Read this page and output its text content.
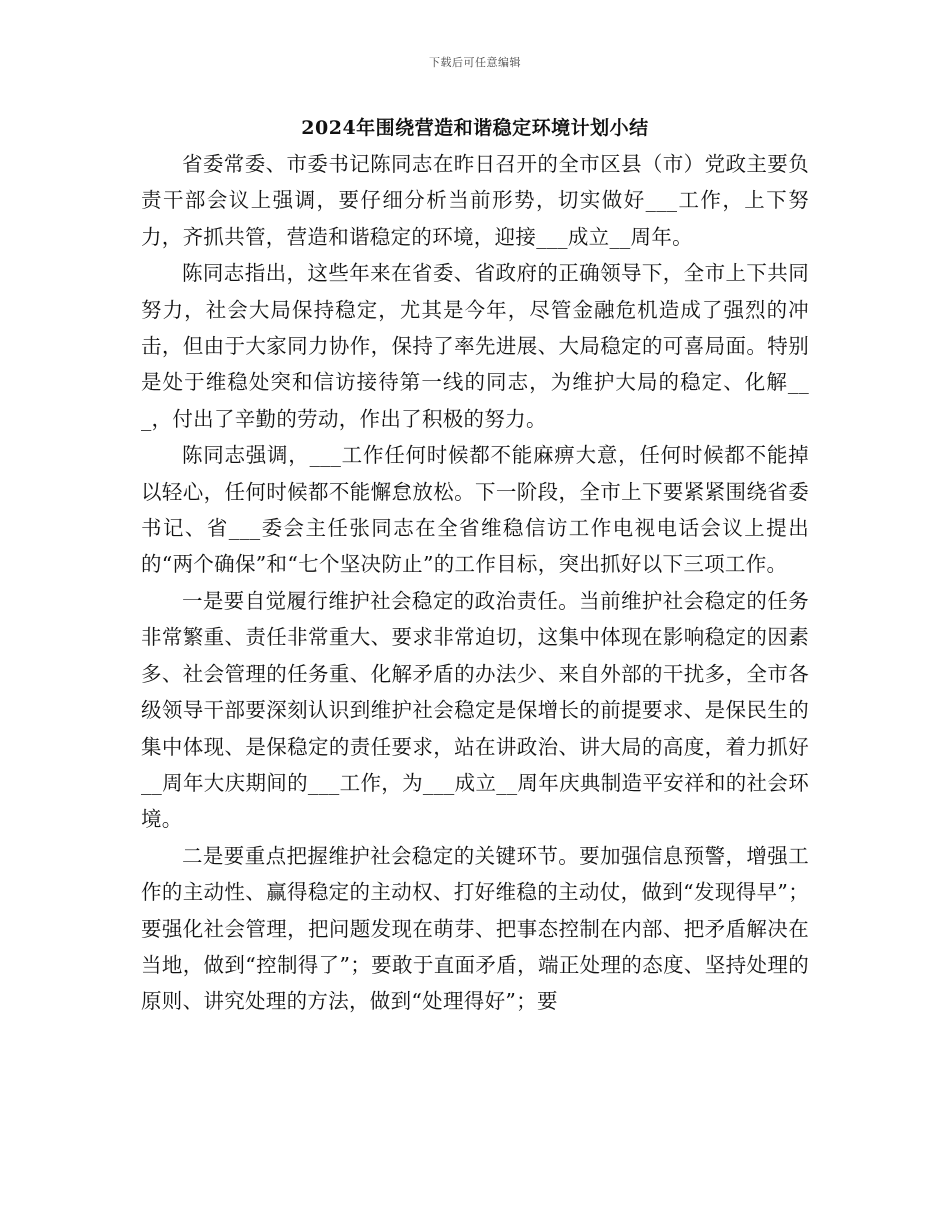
下载后可任意编辑
2024年围绕营造和谐稳定环境计划小结

省委常委、市委书记陈同志在昨日召开的全市区县（市）党政主要负责干部会议上强调，要仔细分析当前形势，切实做好___工作，上下努力，齐抓共管，营造和谐稳定的环境，迎接___成立__周年。

陈同志指出，这些年来在省委、省政府的正确领导下，全市上下共同努力，社会大局保持稳定，尤其是今年，尽管金融危机造成了强烈的冲击，但由于大家同力协作，保持了率先进展、大局稳定的可喜局面。特别是处于维稳处突和信访接待第一线的同志，为维护大局的稳定、化解___，付出了辛勤的劳动，作出了积极的努力。

陈同志强调，___工作任何时候都不能麻痹大意，任何时候都不能掉以轻心，任何时候都不能懈怠放松。下一阶段，全市上下要紧紧围绕省委书记、省___委会主任张同志在全省维稳信访工作电视电话会议上提出的“两个确保”和“七个坚决防止”的工作目标，突出抓好以下三项工作。

一是要自觉履行维护社会稳定的政治责任。当前维护社会稳定的任务非常繁重、责任非常重大、要求非常迫切，这集中体现在影响稳定的因素多、社会管理的任务重、化解矛盾的办法少、来自外部的干扰多，全市各级领导干部要深刻认识到维护社会稳定是保增长的前提要求、是保民生的集中体现、是保稳定的责任要求，站在讲政治、讲大局的高度，着力抓好__周年大庆期间的___工作，为___成立__周年庆典制造平安祥和的社会环境。

二是要重点把握维护社会稳定的关键环节。要加强信息预警，增强工作的主动性、赢得稳定的主动权、打好维稳的主动仗，做到“发现得早”；要强化社会管理，把问题发现在萌芽、把事态控制在内部、把矛盾解决在当地，做到“控制得了”；要敢于直面矛盾，端正处理的态度、坚持处理的原则、讲究处理的方法，做到“处理得好”；要
